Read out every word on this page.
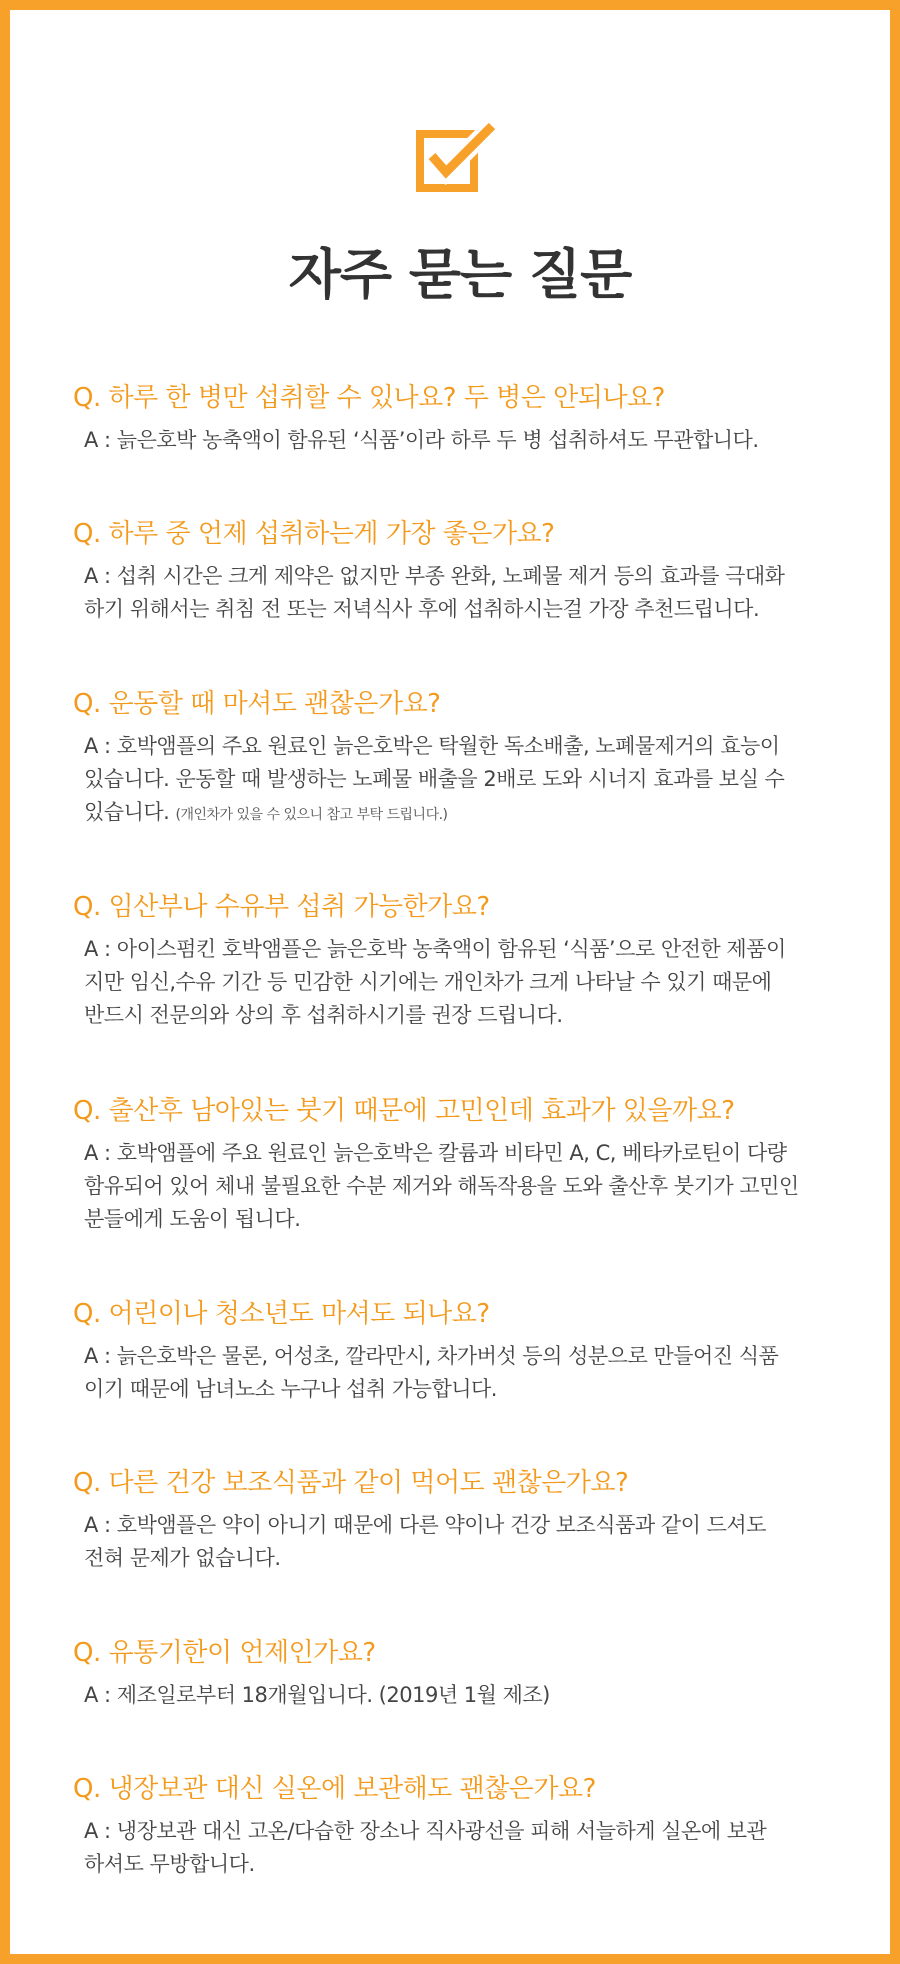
자주 묻는 질문
Q. 하루 한 병만 섭취할 수 있나요? 두 병은 안되나요?
A : 늙은호박 농축액이 함유된 ‘식품’이라 하루 두 병 섭취하셔도 무관합니다.
Q. 하루 중 언제 섭취하는게 가장 좋은가요?
A : 섭취 시간은 크게 제약은 없지만 부종 완화, 노폐물 제거 등의 효과를 극대화
하기 위해서는 취침 전 또는 저녁식사 후에 섭취하시는걸 가장 추천드립니다.
Q. 운동할 때 마셔도 괜찮은가요?
A : 호박앰플의 주요 원료인 늙은호박은 탁월한 독소배출, 노폐물제거의 효능이
있습니다. 운동할 때 발생하는 노폐물 배출을 2배로 도와 시너지 효과를 보실 수
있습니다. (개인차가 있을 수 있으니 참고 부탁 드립니다.)
Q. 임산부나 수유부 섭취 가능한가요?
A : 아이스펌킨 호박앰플은 늙은호박 농축액이 함유된 ‘식품’으로 안전한 제품이
지만 임신,수유 기간 등 민감한 시기에는 개인차가 크게 나타날 수 있기 때문에
반드시 전문의와 상의 후 섭취하시기를 권장 드립니다.
Q. 출산후 남아있는 붓기 때문에 고민인데 효과가 있을까요?
A : 호박앰플에 주요 원료인 늙은호박은 칼륨과 비타민 A, C, 베타카로틴이 다량
함유되어 있어 체내 불필요한 수분 제거와 해독작용을 도와 출산후 붓기가 고민인
분들에게 도움이 됩니다.
Q. 어린이나 청소년도 마셔도 되나요?
A : 늙은호박은 물론, 어성초, 깔라만시, 차가버섯 등의 성분으로 만들어진 식품
이기 때문에 남녀노소 누구나 섭취 가능합니다.
Q. 다른 건강 보조식품과 같이 먹어도 괜찮은가요?
A : 호박앰플은 약이 아니기 때문에 다른 약이나 건강 보조식품과 같이 드셔도
전혀 문제가 없습니다.
Q. 유통기한이 언제인가요?
A : 제조일로부터 18개월입니다. (2019년 1월 제조)
Q. 냉장보관 대신 실온에 보관해도 괜찮은가요?
A : 냉장보관 대신 고온/다습한 장소나 직사광선을 피해 서늘하게 실온에 보관
하셔도 무방합니다.
